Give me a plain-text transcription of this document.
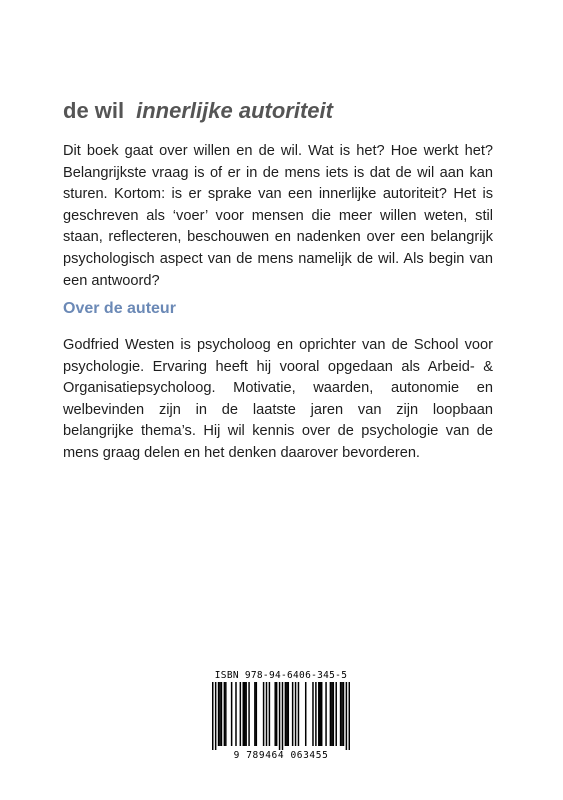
de wil innerlijke autoriteit
Dit boek gaat over willen en de wil. Wat is het? Hoe werkt het?
Belangrijkste vraag is of er in de mens iets is dat de wil aan kan
sturen. Kortom: is er sprake van een innerlijke autoriteit? Het is
geschreven als ‘voer’ voor mensen die meer willen weten, stil
staan, reflecteren, beschouwen en nadenken over een belangrijk
psychologisch aspect van de mens namelijk de wil. Als begin van
een antwoord?
Over de auteur
Godfried Westen is psycholoog en oprichter van de School voor
psychologie. Ervaring heeft hij vooral opgedaan als Arbeid- &
Organisatiepsycholoog. Motivatie, waarden, autonomie en
welbevinden zijn in de laatste jaren van zijn loopbaan
belangrijke thema’s. Hij wil kennis over de psychologie van de
mens graag delen en het denken daarover bevorderen.
ISBN 978-94-6406-345-5
9 789464 063455
